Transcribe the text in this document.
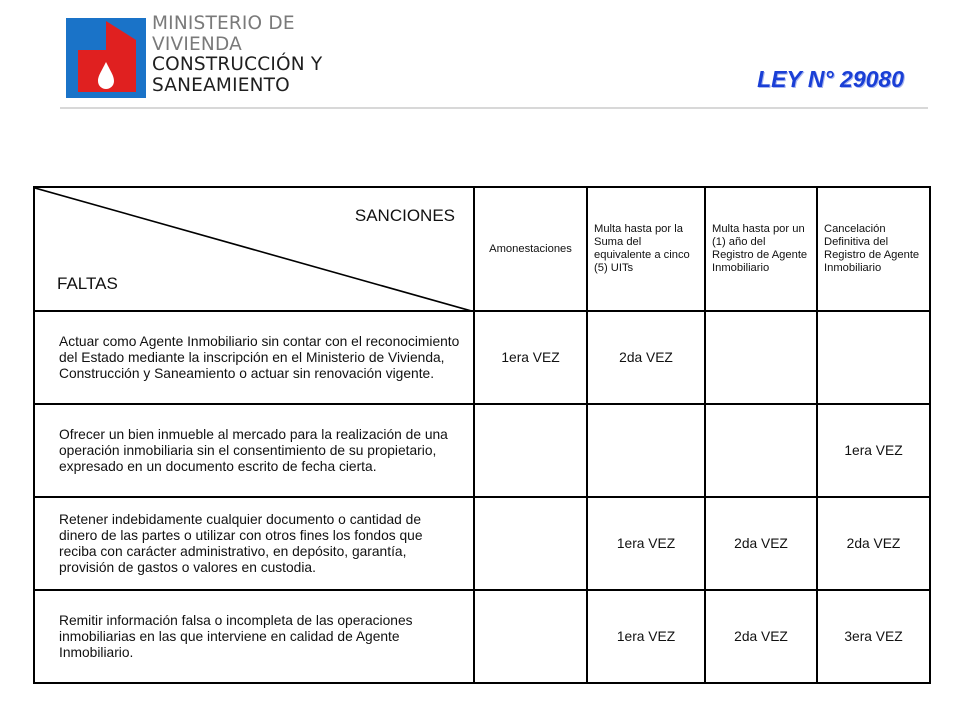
MINISTERIO DE
VIVIENDA
CONSTRUCCIÓN Y
SANEAMIENTO	LEY N° 29080
SANCIONES
FALTAS	Amonestaciones	Multa hasta por la Suma del equivalente a cinco (5) UITs	Multa hasta por un (1) año del Registro de Agente Inmobiliario	Cancelación Definitiva del Registro de Agente Inmobiliario
Actuar como Agente Inmobiliario sin contar con el reconocimiento del Estado mediante la inscripción en el Ministerio de Vivienda, Construcción y Saneamiento o actuar sin renovación vigente.	1era VEZ	2da VEZ		
Ofrecer un bien inmueble al mercado para la realización de una operación inmobiliaria sin el consentimiento de su propietario, expresado en un documento escrito de fecha cierta.				1era VEZ
Retener indebidamente cualquier documento o cantidad de dinero de las partes o utilizar con otros fines los fondos que reciba con carácter administrativo, en depósito, garantía, provisión de gastos o valores en custodia.		1era VEZ	2da VEZ	2da VEZ
Remitir información falsa o incompleta de las operaciones inmobiliarias en las que interviene en calidad de Agente Inmobiliario.		1era VEZ	2da VEZ	3era VEZ
